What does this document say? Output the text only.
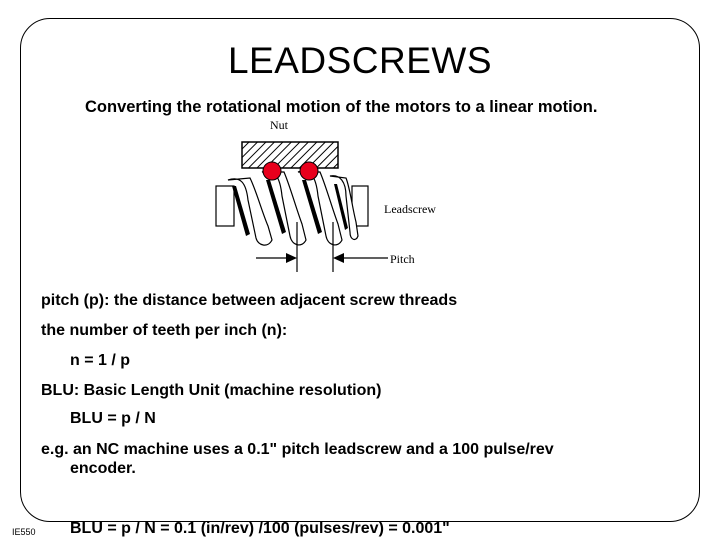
LEADSCREWS
Converting the rotational motion of the motors to a linear motion.
Nut
Leadscrew
Pitch
pitch (p): the distance between adjacent screw threads
the number of teeth per inch (n):
n = 1 / p
BLU: Basic Length Unit (machine resolution)
BLU = p / N
e.g. an NC machine uses a 0.1" pitch leadscrew and a 100 pulse/rev
encoder.
BLU = p / N = 0.1 (in/rev) /100 (pulses/rev) = 0.001"
IE550
